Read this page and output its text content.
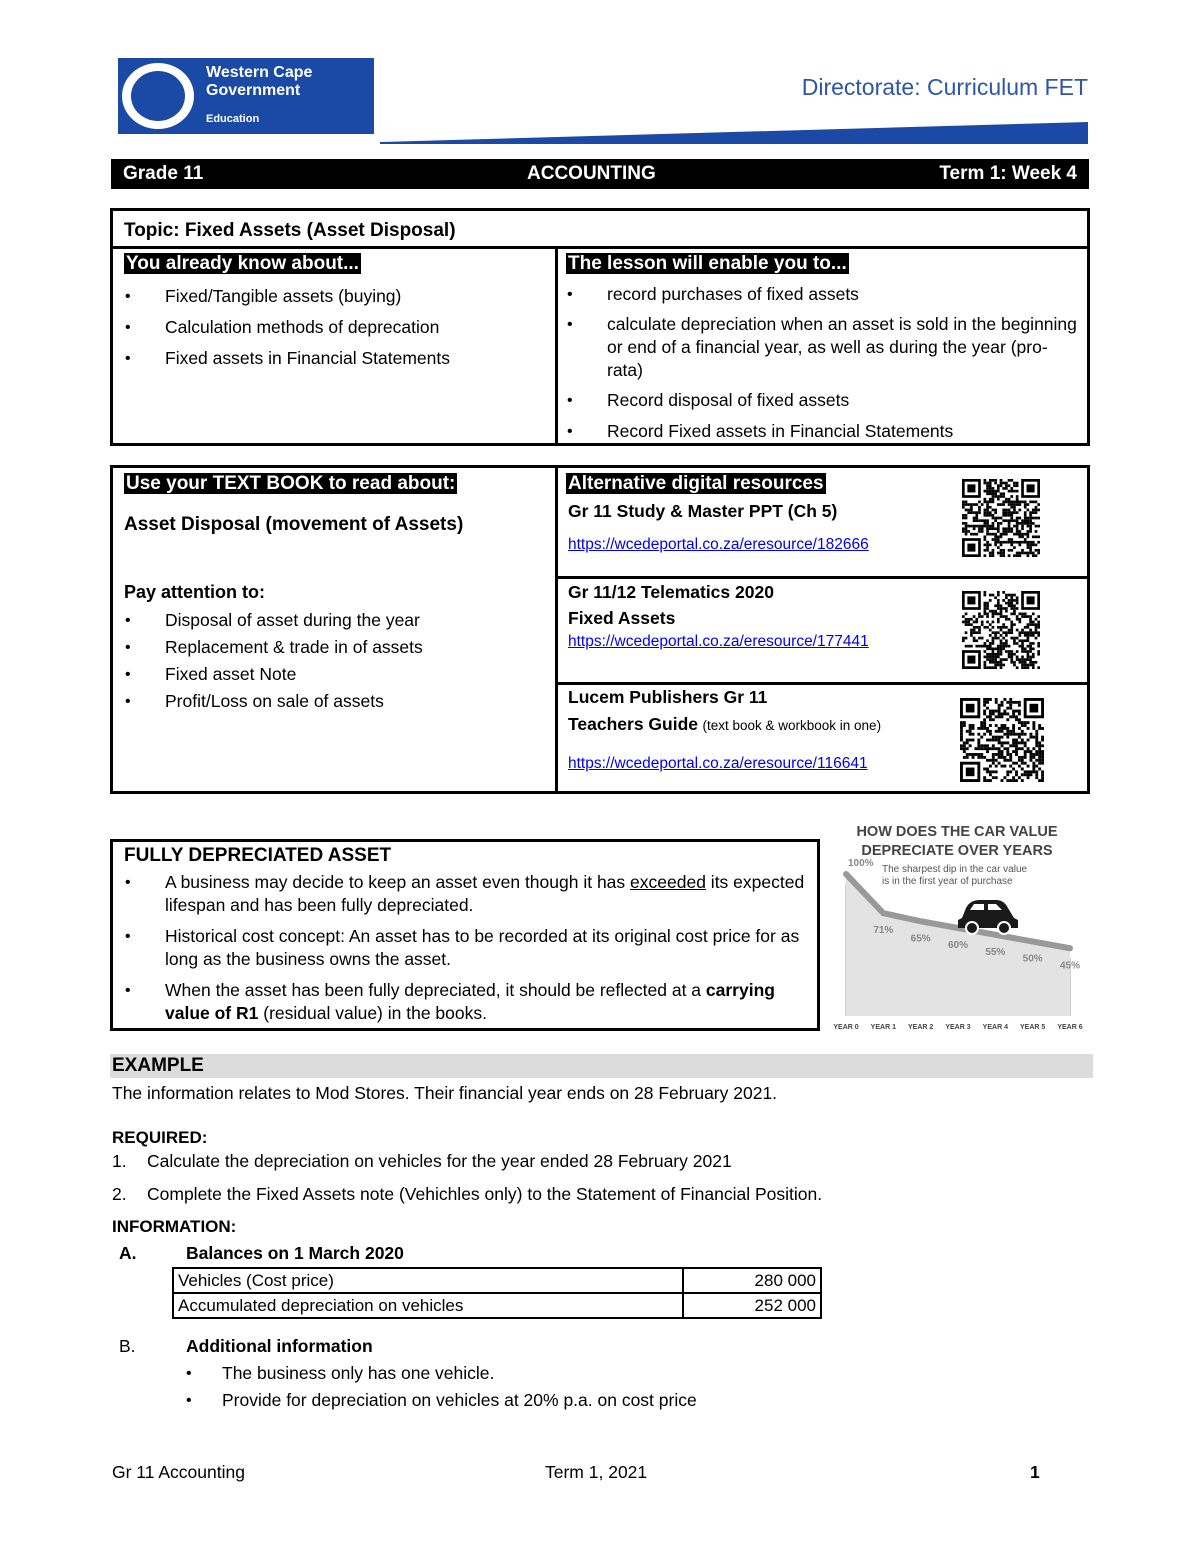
Western Cape
Government
Education
Directorate: Curriculum FET
Grade 11	ACCOUNTING	Term 1: Week 4
Topic: Fixed Assets (Asset Disposal)
You already know about...
• Fixed/Tangible assets (buying)
• Calculation methods of deprecation
• Fixed assets in Financial Statements
The lesson will enable you to...
• record purchases of fixed assets
• calculate depreciation when an asset is sold in the beginning or end of a financial year, as well as during the year (pro-rata)
• Record disposal of fixed assets
• Record Fixed assets in Financial Statements
Use your TEXT BOOK to read about:
Asset Disposal (movement of Assets)
Pay attention to:
• Disposal of asset during the year
• Replacement & trade in of assets
• Fixed asset Note
• Profit/Loss on sale of assets
Alternative digital resources
Gr 11 Study & Master PPT (Ch 5)
https://wcedeportal.co.za/eresource/182666
Gr 11/12 Telematics 2020
Fixed Assets
https://wcedeportal.co.za/eresource/177441
Lucem Publishers Gr 11
Teachers Guide (text book & workbook in one)
https://wcedeportal.co.za/eresource/116641
FULLY DEPRECIATED ASSET
• A business may decide to keep an asset even though it has exceeded its expected lifespan and has been fully depreciated.
• Historical cost concept: An asset has to be recorded at its original cost price for as long as the business owns the asset.
• When the asset has been fully depreciated, it should be reflected at a carrying value of R1 (residual value) in the books.
HOW DOES THE CAR VALUE
DEPRECIATE OVER YEARS
The sharpest dip in the car value
is in the first year of purchase
100%
71%
65%
60%
55%
50%
45%
YEAR 0 YEAR 1 YEAR 2 YEAR 3 YEAR 4 YEAR 5 YEAR 6
EXAMPLE
The information relates to Mod Stores. Their financial year ends on 28 February 2021.
REQUIRED:
1. Calculate the depreciation on vehicles for the year ended 28 February 2021
2. Complete the Fixed Assets note (Vehichles only) to the Statement of Financial Position.
INFORMATION:
A.	Balances on 1 March 2020
Vehicles (Cost price)	280 000
Accumulated depreciation on vehicles	252 000
B.	Additional information
• The business only has one vehicle.
• Provide for depreciation on vehicles at 20% p.a. on cost price
Gr 11 Accounting	Term 1, 2021	1
